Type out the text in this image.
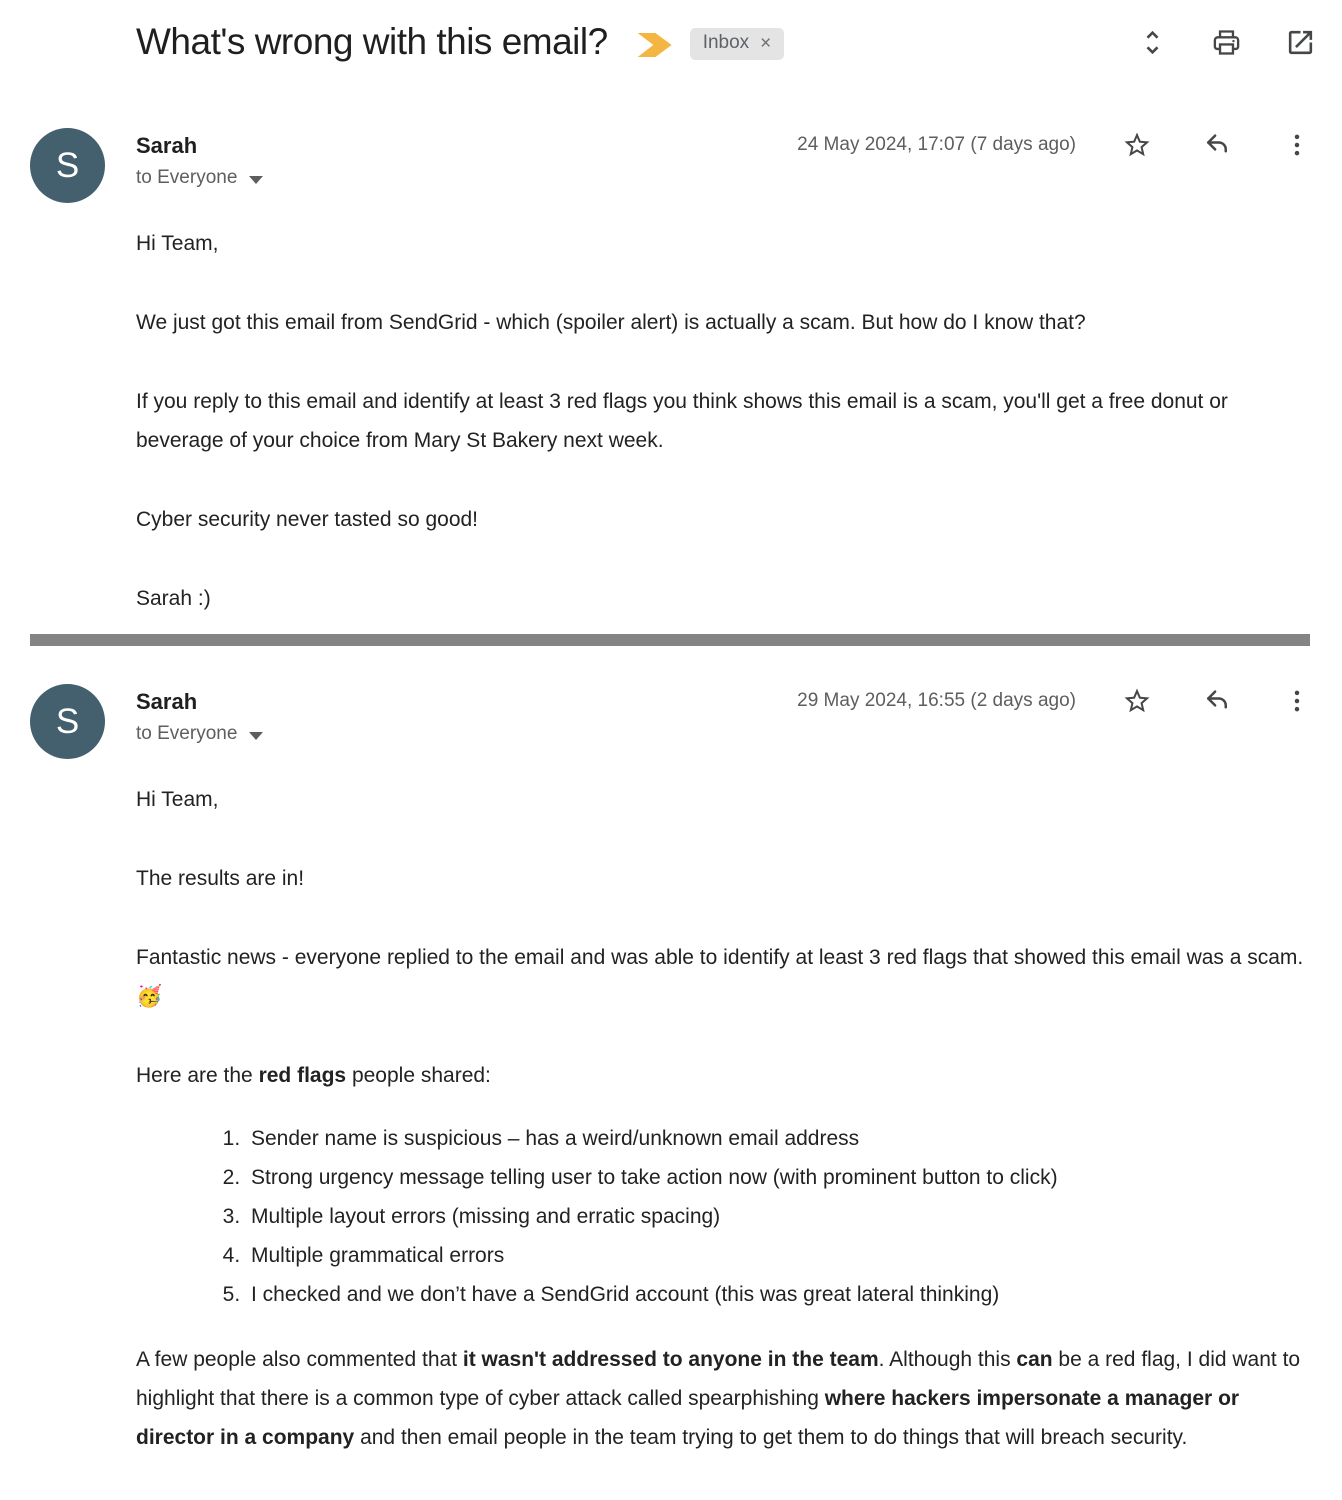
What's wrong with this email?	Inbox ×
S	Sarah	24 May 2024, 17:07 (7 days ago)
to Everyone

Hi Team,

We just got this email from SendGrid - which (spoiler alert) is actually a scam. But how do I know that?

If you reply to this email and identify at least 3 red flags you think shows this email is a scam, you'll get a free donut or beverage of your choice from Mary St Bakery next week.

Cyber security never tasted so good!

Sarah :)

S	Sarah	29 May 2024, 16:55 (2 days ago)
to Everyone

Hi Team,

The results are in!

Fantastic news - everyone replied to the email and was able to identify at least 3 red flags that showed this email was a scam. 🥳

Here are the red flags people shared:

1. Sender name is suspicious – has a weird/unknown email address
2. Strong urgency message telling user to take action now (with prominent button to click)
3. Multiple layout errors (missing and erratic spacing)
4. Multiple grammatical errors
5. I checked and we don’t have a SendGrid account (this was great lateral thinking)

A few people also commented that it wasn't addressed to anyone in the team. Although this can be a red flag, I did want to highlight that there is a common type of cyber attack called spearphishing where hackers impersonate a manager or director in a company and then email people in the team trying to get them to do things that will breach security.
